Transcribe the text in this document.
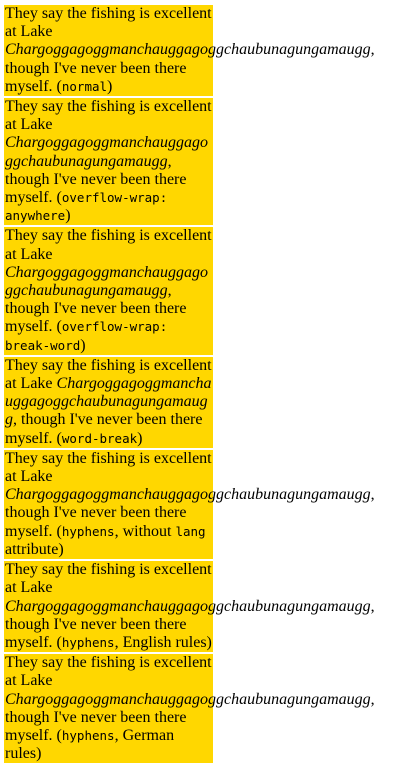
They say the fishing is excellent at Lake Chargoggagoggmanchauggagoggchaubunagungamaugg, though I've never been there myself. (normal)
They say the fishing is excellent at Lake Chargoggagoggmanchauggagoggchaubunagungamaugg, though I've never been there myself. (overflow-wrap: anywhere)
They say the fishing is excellent at Lake Chargoggagoggmanchauggagoggchaubunagungamaugg, though I've never been there myself. (overflow-wrap: break-word)
They say the fishing is excellent at Lake Chargoggagoggmanchauggagoggchaubunagungamaugg, though I've never been there myself. (word-break)
They say the fishing is excellent at Lake Chargoggagoggmanchauggagoggchaubunagungamaugg, though I've never been there myself. (hyphens, without lang attribute)
They say the fishing is excellent at Lake Chargoggagoggmanchauggagoggchaubunagungamaugg, though I've never been there myself. (hyphens, English rules)
They say the fishing is excellent at Lake Chargoggagoggmanchauggagoggchaubunagungamaugg, though I've never been there myself. (hyphens, German rules)
